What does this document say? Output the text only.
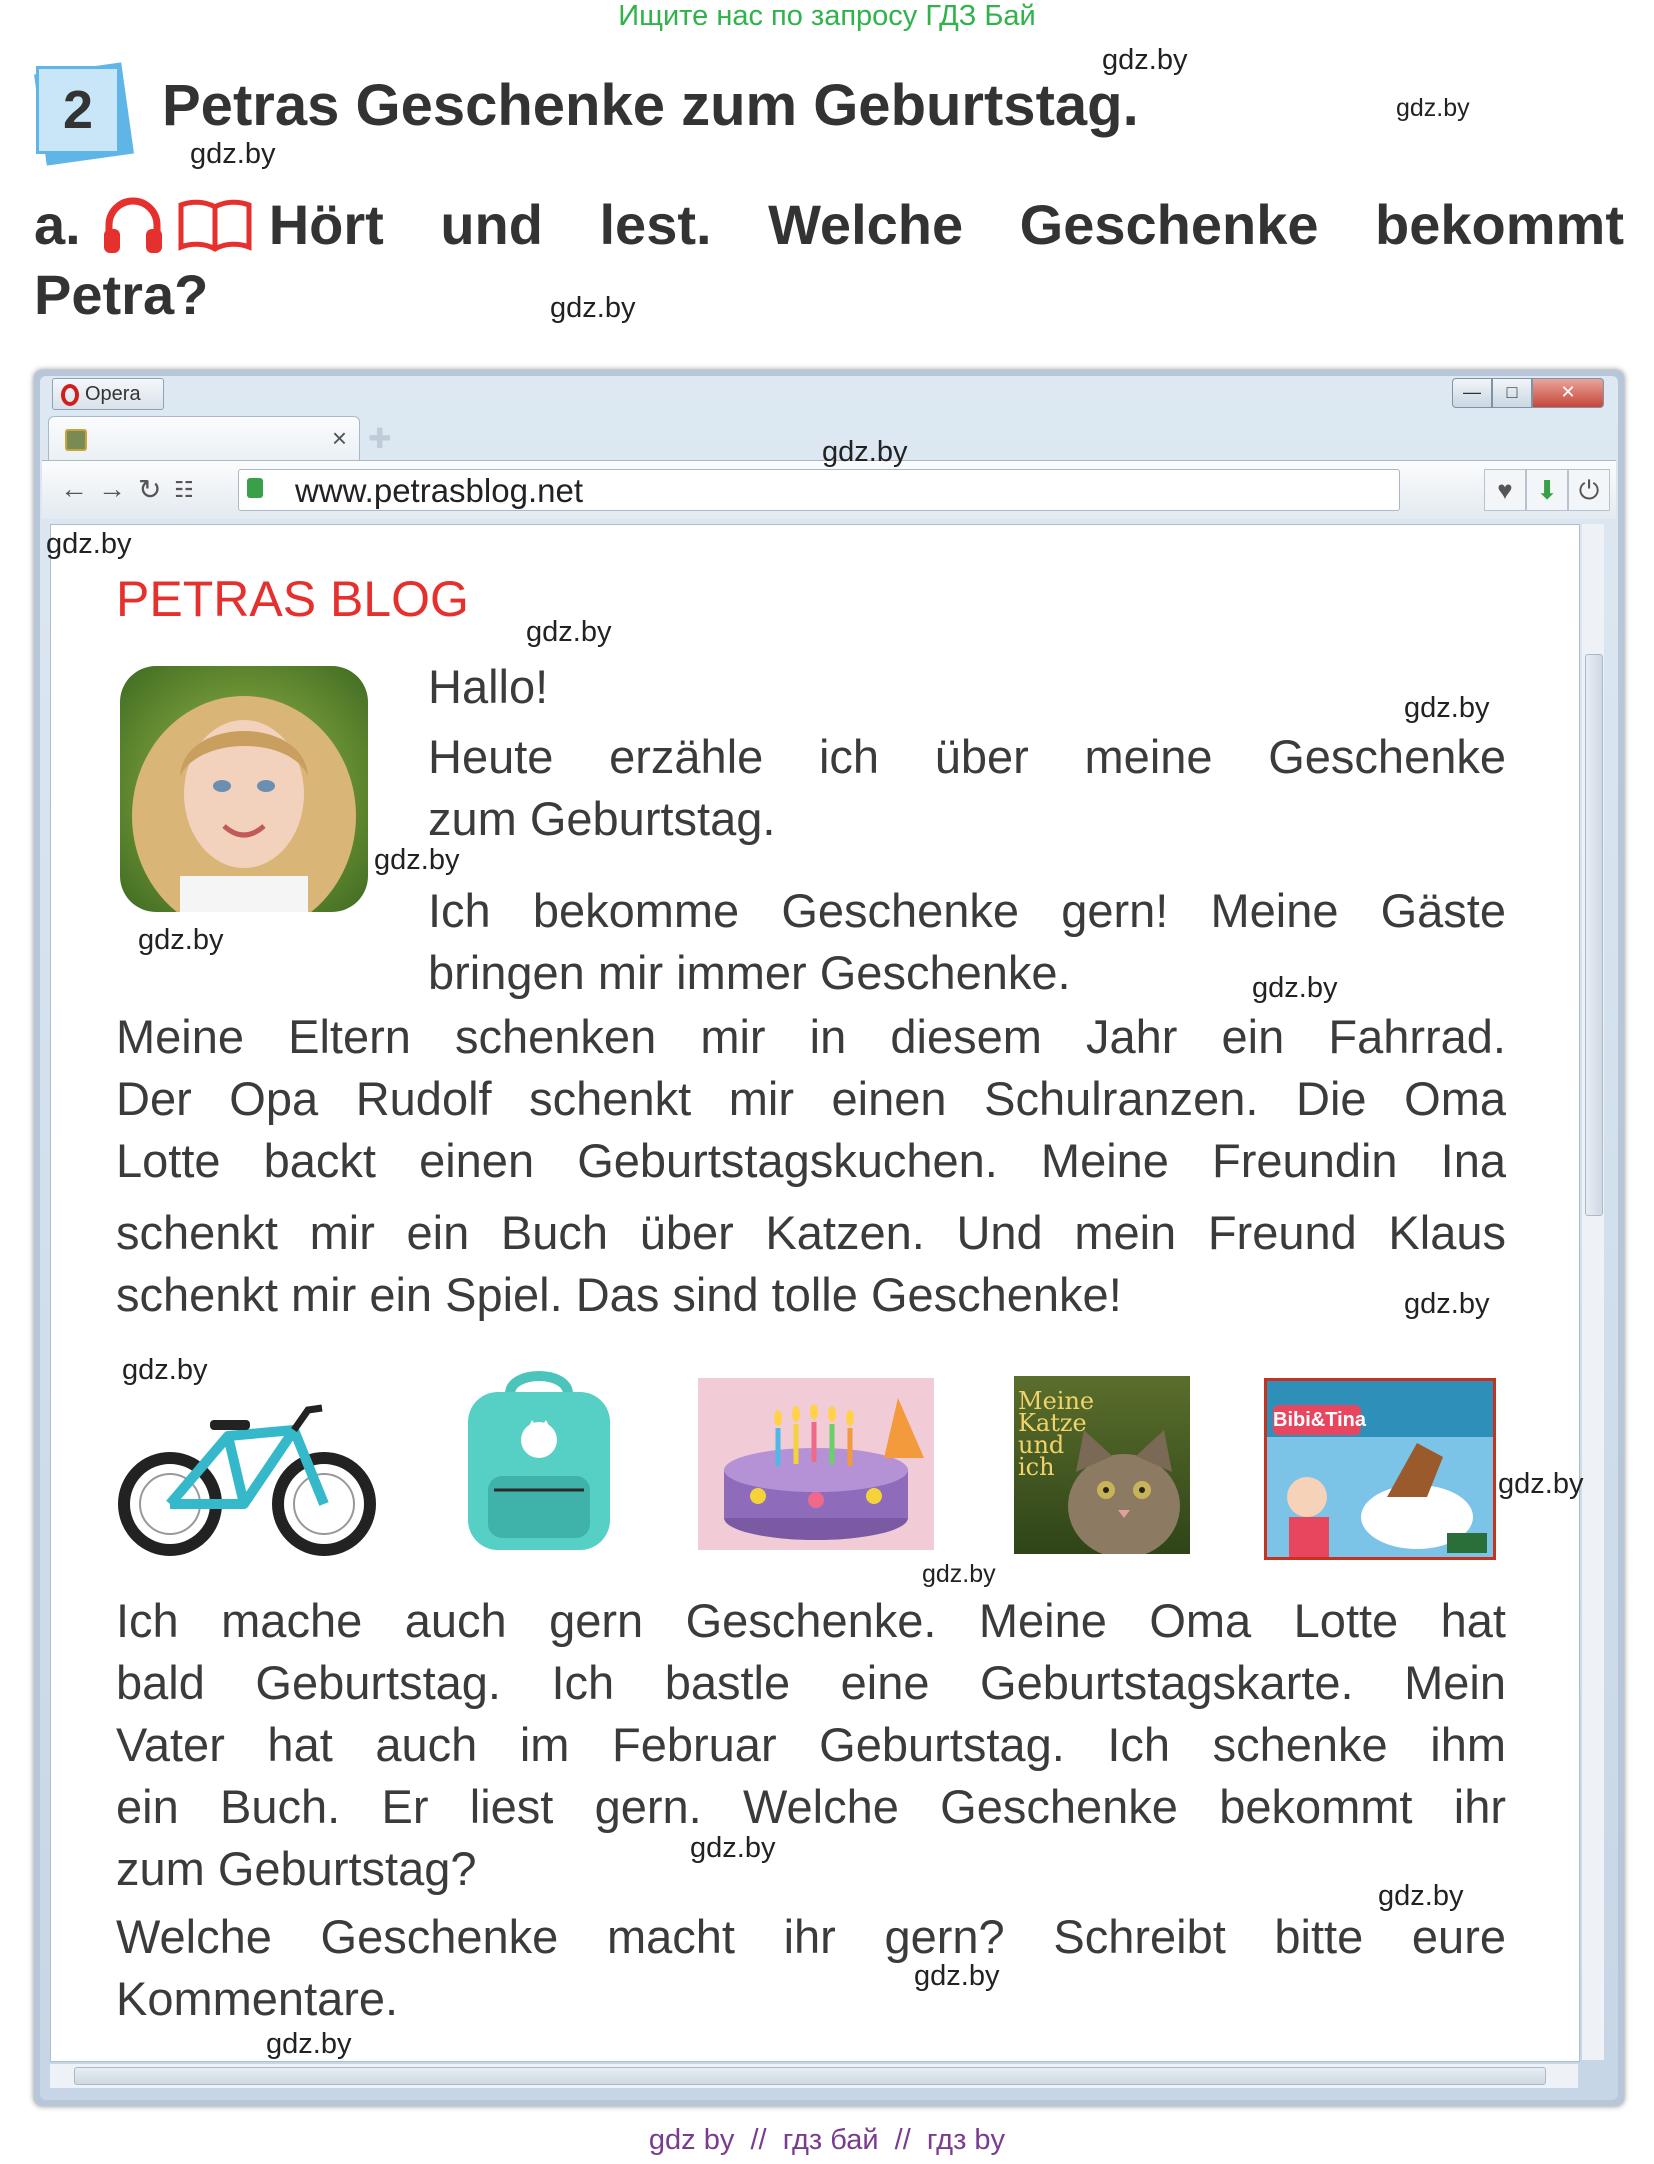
Ищите нас по запросу ГДЗ Бай
2	Petras Geschenke zum Geburtstag.
a.	Hört und lest. Welche Geschenke bekommt
Petra?
Opera	—	□	✕
× ✚
← → ↻ ☷	www.petrasblog.net	♥ ⬇ ⏻
PETRAS BLOG
Hallo!
Heute erzähle ich über meine Geschenke
zum Geburtstag.
Ich bekomme Geschenke gern! Meine Gäste
bringen mir immer Geschenke.
Meine Eltern schenken mir in diesem Jahr ein Fahrrad.
Der Opa Rudolf schenkt mir einen Schulranzen. Die Oma
Lotte backt einen Geburtstagskuchen. Meine Freundin Ina
schenkt mir ein Buch über Katzen. Und mein Freund Klaus
schenkt mir ein Spiel. Das sind tolle Geschenke!
Meine
Katze
und
ich
Bibi&Tina
Ich mache auch gern Geschenke. Meine Oma Lotte hat
bald Geburtstag. Ich bastle eine Geburtstagskarte. Mein
Vater hat auch im Februar Geburtstag. Ich schenke ihm
ein Buch. Er liest gern. Welche Geschenke bekommt ihr
zum Geburtstag?
Welche Geschenke macht ihr gern? Schreibt bitte eure
Kommentare.
gdz.by
gdz.by
gdz.by
gdz.by
gdz.by
gdz.by
gdz.by
gdz.by
gdz.by
gdz.by
gdz.by
gdz.by
gdz.by
gdz.by
gdz.by
gdz.by
gdz.by
gdz.by
gdz.by
gdz by  //  гдз бай  //  гдз by
